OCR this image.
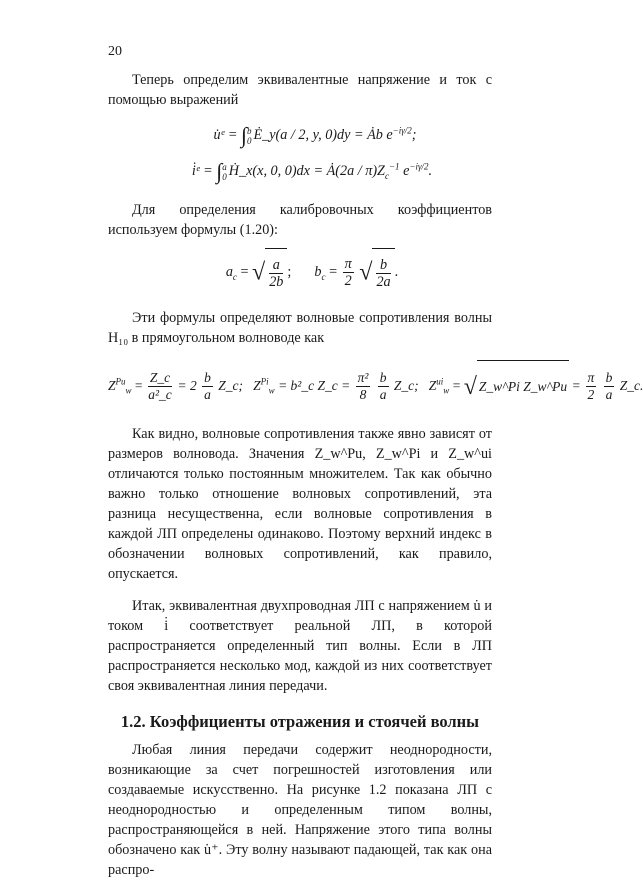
20

Теперь определим эквивалентные напряжение и ток с помощью выражений

u̇ᵉ = ∫ b
0 Ė_y(a / 2, y, 0)dy = Ȧb $e^{-i\gamma/2}$;
i̇ᵉ = ∫ a
0 Ḣ_x(x, 0, 0)dx = Ȧ(2a / $\pi)Z_c^{-1}$ $e^{-i\gamma/2}$.

Для определения калибровочных коэффициентов используем формулы (1.20):

$a_c$ = √ $\frac{a}{2b}$ ; $b_c = \frac{\pi}{2}$ √ $\frac{b}{2a}$ .

Эти формулы определяют волновые сопротивления волны H₁₀ в прямоугольном волноводе как

$Z^{Pu}_w = \frac{Z\_c}{\text{a²\_c}} = 2 \frac{b}{a}$ Z_c; $Z^{Pi}_w$ = b²_c Z_c = $\frac{\text{π²}}{8}$
$\frac{b}{a}$ Z_c; $Z^{ui}_w$ = √ Z_w^Pi Z_w^Pu = $\frac{\pi}{2}$
$\frac{b}{a}$ Z_c.

Как видно, волновые сопротивления также явно зависят от размеров волновода. Значения Z_w^Pu, Z_w^Pi и Z_w^ui отличаются только постоянным множителем. Так как обычно важно только отношение волновых сопротивлений, эта разница несущественна, если волновые сопротивления в каждой ЛП определены одинаково. Поэтому верхний индекс в обозначении волновых сопротивлений, как правило, опускается.

Итак, эквивалентная двухпроводная ЛП с напряжением u̇ и током i̇ соответствует реальной ЛП, в которой распространяется определенный тип волны. Если в ЛП распространяется несколько мод, каждой из них соответствует своя эквивалентная линия передачи.

1.2. Коэффициенты отражения и стоячей волны

Любая линия передачи содержит неоднородности, возникающие за счет погрешностей изготовления или создаваемые искусственно. На рисунке 1.2 показана ЛП с неоднородностью и определенным типом волны, распространяющейся в ней. Напряжение этого типа волны обозначено как u̇⁺. Эту волну называют падающей, так как она распро-
